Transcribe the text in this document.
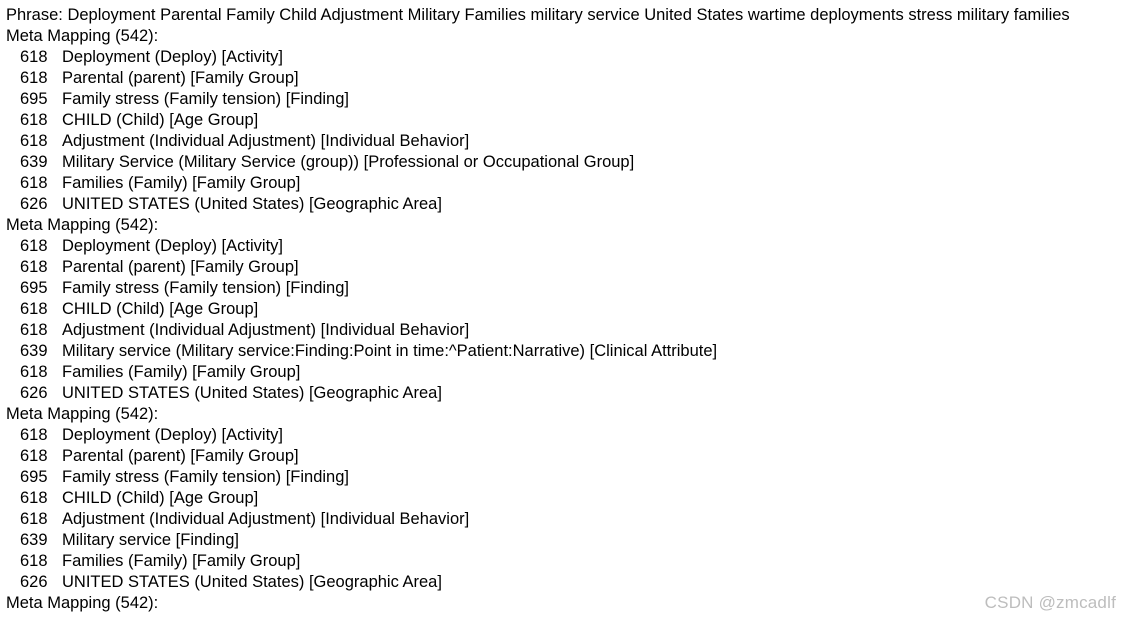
Phrase: Deployment Parental Family Child Adjustment Military Families military service United States wartime deployments stress military families
Meta Mapping (542):
618 Deployment (Deploy) [Activity]
618 Parental (parent) [Family Group]
695 Family stress (Family tension) [Finding]
618 CHILD (Child) [Age Group]
618 Adjustment (Individual Adjustment) [Individual Behavior]
639 Military Service (Military Service (group)) [Professional or Occupational Group]
618 Families (Family) [Family Group]
626 UNITED STATES (United States) [Geographic Area]
Meta Mapping (542):
618 Deployment (Deploy) [Activity]
618 Parental (parent) [Family Group]
695 Family stress (Family tension) [Finding]
618 CHILD (Child) [Age Group]
618 Adjustment (Individual Adjustment) [Individual Behavior]
639 Military service (Military service:Finding:Point in time:^Patient:Narrative) [Clinical Attribute]
618 Families (Family) [Family Group]
626 UNITED STATES (United States) [Geographic Area]
Meta Mapping (542):
618 Deployment (Deploy) [Activity]
618 Parental (parent) [Family Group]
695 Family stress (Family tension) [Finding]
618 CHILD (Child) [Age Group]
618 Adjustment (Individual Adjustment) [Individual Behavior]
639 Military service [Finding]
618 Families (Family) [Family Group]
626 UNITED STATES (United States) [Geographic Area]
Meta Mapping (542):	CSDN @zmcadlf
